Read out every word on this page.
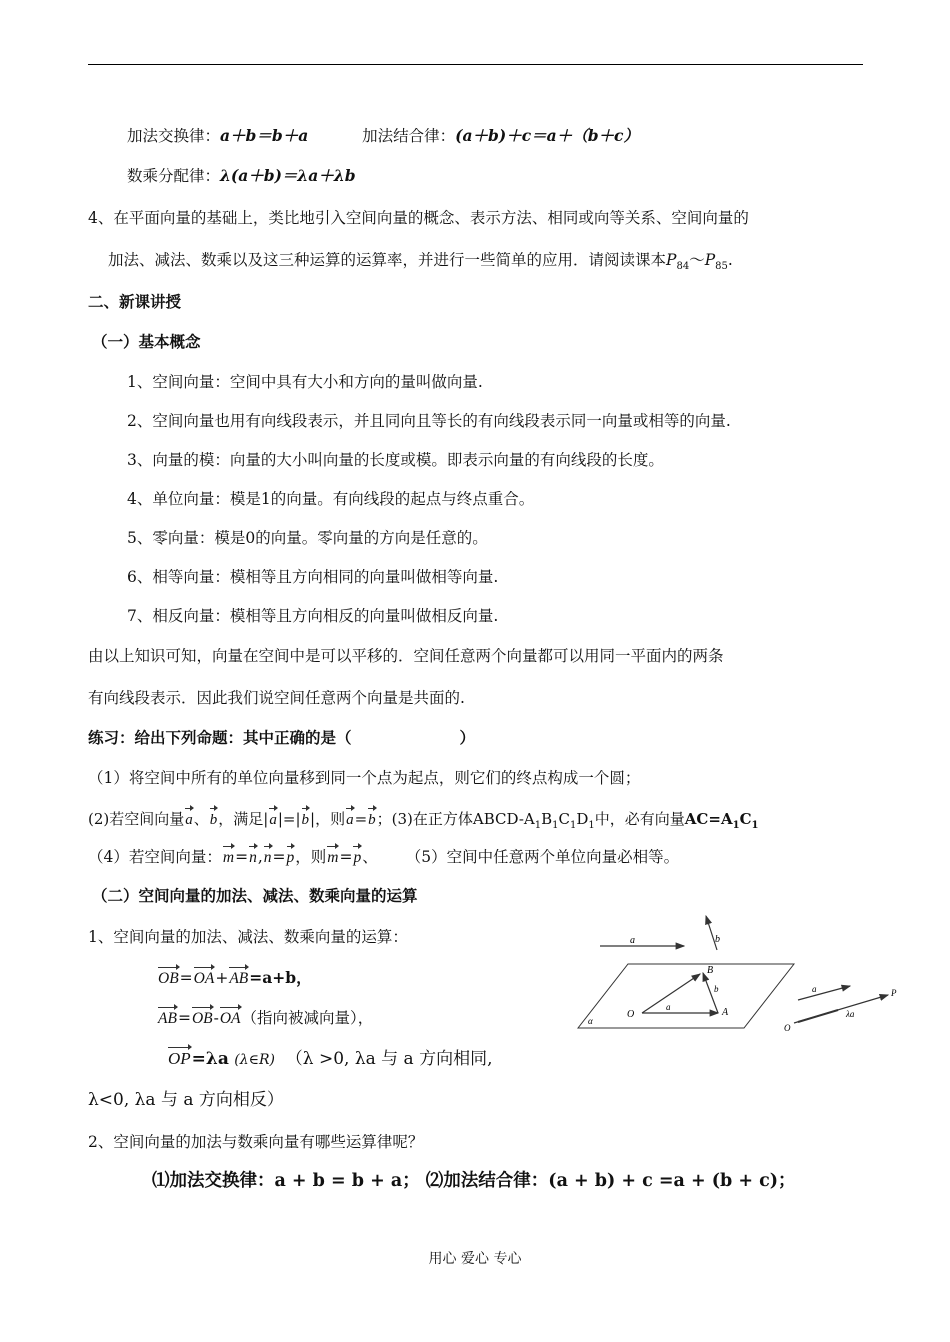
加法交换律：a＋b＝b＋a	加法结合律：(a＋b)＋c＝a＋（b＋c）
数乘分配律：λ(a＋b)＝λa＋λb
4、在平面向量的基础上，类比地引入空间向量的概念、表示方法、相同或向等关系、空间向量的
加法、减法、数乘以及这三种运算的运算率，并进行一些简单的应用．请阅读课本$P_{84}\sim P_{85}$.
二、新课讲授
（一）基本概念
1、空间向量：空间中具有大小和方向的量叫做向量.
2、空间向量也用有向线段表示，并且同向且等长的有向线段表示同一向量或相等的向量.
3、向量的模：向量的大小叫向量的长度或模。即表示向量的有向线段的长度。
4、单位向量：模是1的向量。有向线段的起点与终点重合。
5、零向量：模是0的向量。零向量的方向是任意的。
6、相等向量：模相等且方向相同的向量叫做相等向量.
7、相反向量：模相等且方向相反的向量叫做相反向量.
由以上知识可知，向量在空间中是可以平移的．空间任意两个向量都可以用同一平面内的两条
有向线段表示．因此我们说空间任意两个向量是共面的.
练习：给出下列命题：其中正确的是（	）
（1）将空间中所有的单位向量移到同一个点为起点，则它们的终点构成一个圆；
(2)若空间向量a、b，满足|a|=|b|，则a=b；(3)在正方体ABCD-$A_1B_1C_1D_1$中，必有向量$AC=A_1C_1$
（4）若空间向量：m=n,n=p，则m=p、 （5）空间中任意两个单位向量必相等。
（二）空间向量的加法、减法、数乘向量的运算
1、空间向量的加法、减法、数乘向量的运算：
OB=OA+AB=a+b，
AB=OB-OA（指向被减向量），
OP=λa (λ∈R) （λ >0, λa 与 a 方向相同,
λ<0, λa 与 a 方向相反）
2、空间向量的加法与数乘向量有哪些运算律呢？
⑴加法交换律：a + b = b + a； ⑵加法结合律：(a + b) + c =a + (b + c)；
a	b
α
O	A
B
b
a
a
O
λa
P
用心 爱心 专心
